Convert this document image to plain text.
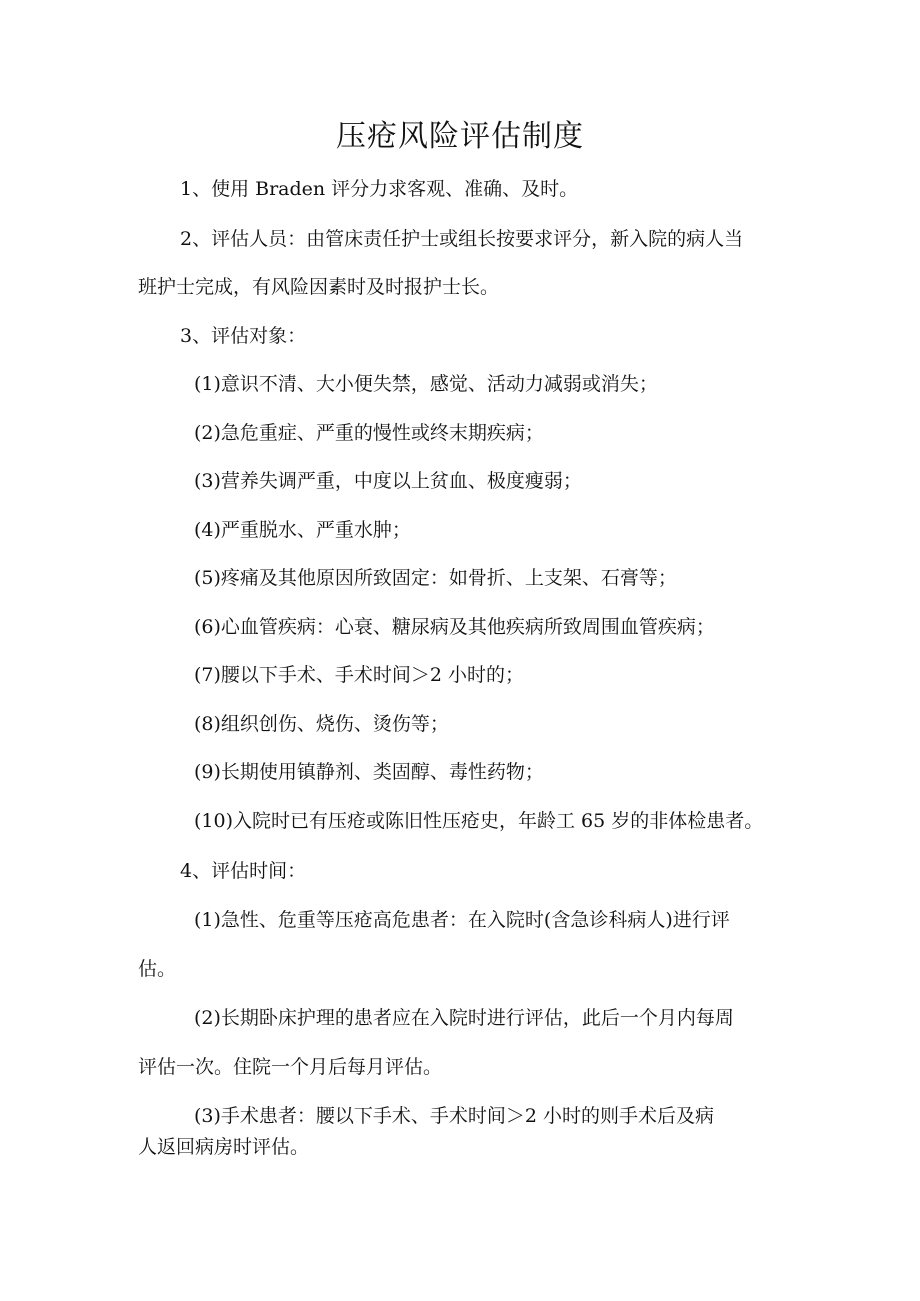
压疮风险评估制度
1、使用 Braden 评分力求客观、准确、及时。
2、评估人员：由管床责任护士或组长按要求评分，新入院的病人当
班护士完成，有风险因素时及时报护士长。
3、评估对象：
(1)意识不清、大小便失禁，感觉、活动力减弱或消失；
(2)急危重症、严重的慢性或终末期疾病；
(3)营养失调严重，中度以上贫血、极度瘦弱；
(4)严重脱水、严重水肿；
(5)疼痛及其他原因所致固定：如骨折、上支架、石膏等；
(6)心血管疾病：心衰、糖尿病及其他疾病所致周围血管疾病；
(7)腰以下手术、手术时间＞2 小时的；
(8)组织创伤、烧伤、烫伤等；
(9)长期使用镇静剂、类固醇、毒性药物；
(10)入院时已有压疮或陈旧性压疮史，年龄工 65 岁的非体检患者。
4、评估时间：
(1)急性、危重等压疮高危患者：在入院时(含急诊科病人)进行评
估。
(2)长期卧床护理的患者应在入院时进行评估，此后一个月内每周
评估一次。住院一个月后每月评估。
(3)手术患者：腰以下手术、手术时间＞2 小时的则手术后及病
人返回病房时评估。
